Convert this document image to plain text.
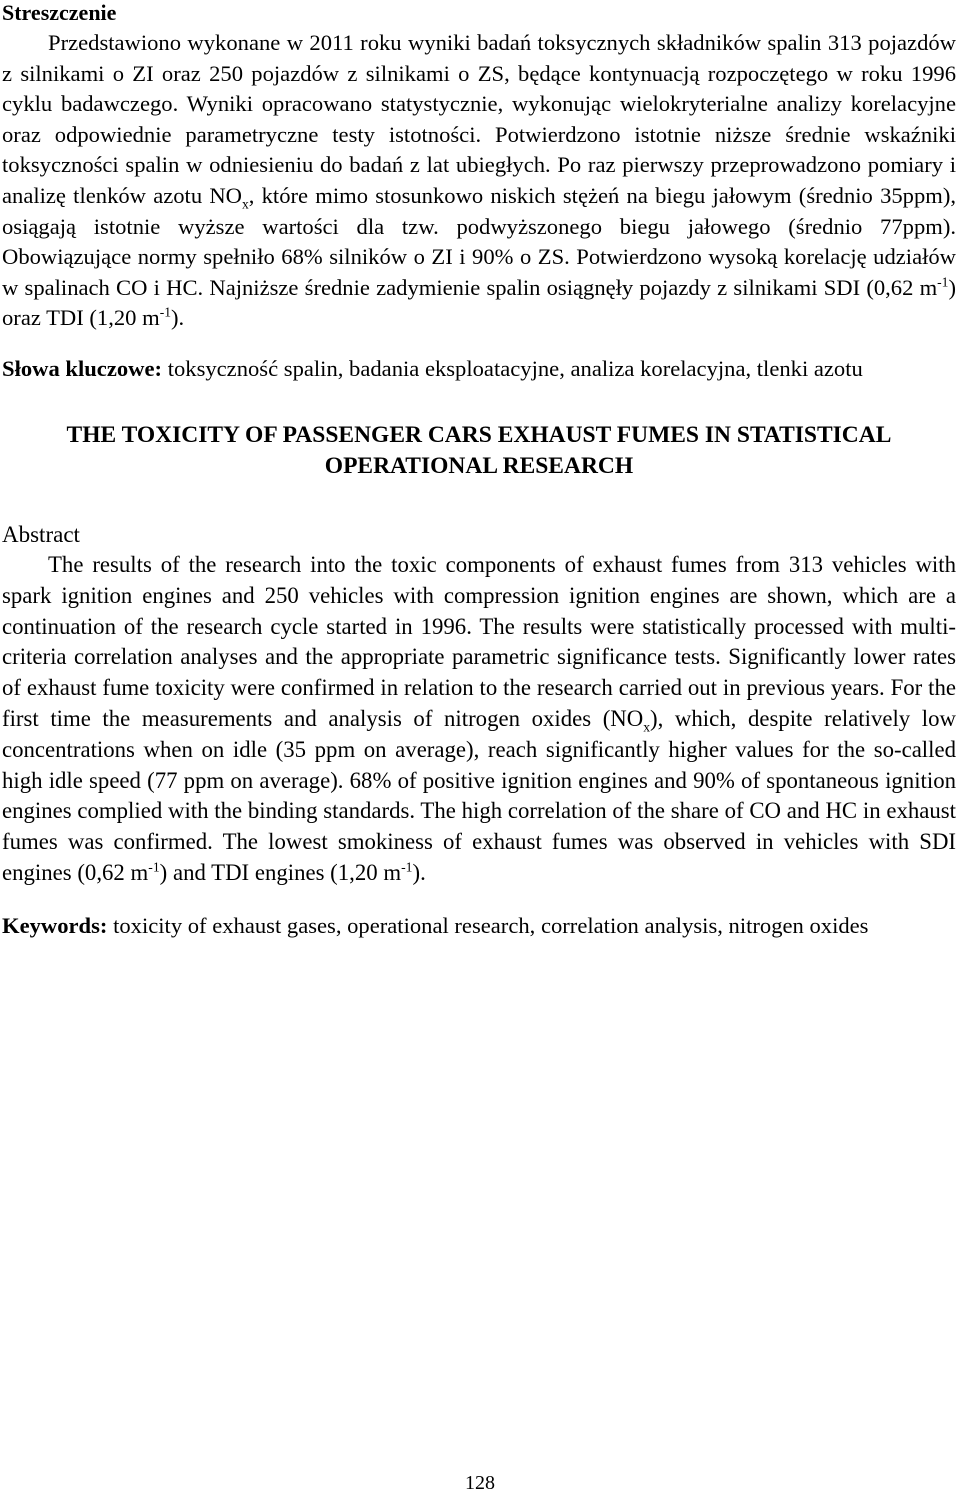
Streszczenie

Przedstawiono wykonane w 2011 roku wyniki badań toksycznych składników spalin 313 pojazdów z silnikami o ZI oraz 250 pojazdów z silnikami o ZS, będące kontynuacją rozpoczętego w roku 1996 cyklu badawczego. Wyniki opracowano statystycznie, wykonując wielokryterialne analizy korelacyjne oraz odpowiednie parametryczne testy istotności. Potwierdzono istotnie niższe średnie wskaźniki toksyczności spalin w odniesieniu do badań z lat ubiegłych. Po raz pierwszy przeprowadzono pomiary i analizę tlenków azotu $NO_x$, które mimo stosunkowo niskich stężeń na biegu jałowym (średnio 35ppm), osiągają istotnie wyższe wartości dla tzw. podwyższonego biegu jałowego (średnio 77ppm). Obowiązujące normy spełniło 68% silników o ZI i 90% o ZS. Potwierdzono wysoką korelację udziałów w spalinach CO i HC. Najniższe średnie zadymienie spalin osiągnęły pojazdy z silnikami SDI (0,62 $m^{-1}$) oraz TDI (1,20 $m^{-1}$).

Słowa kluczowe: toksyczność spalin, badania eksploatacyjne, analiza korelacyjna, tlenki azotu

THE TOXICITY OF PASSENGER CARS EXHAUST FUMES IN STATISTICAL OPERATIONAL RESEARCH
Abstract

The results of the research into the toxic components of exhaust fumes from 313 vehicles with spark ignition engines and 250 vehicles with compression ignition engines are shown, which are a continuation of the research cycle started in 1996. The results were statistically processed with multi-criteria correlation analyses and the appropriate parametric significance tests. Significantly lower rates of exhaust fume toxicity were confirmed in relation to the research carried out in previous years. For the first time the measurements and analysis of nitrogen oxides $(NO_x)$, which, despite relatively low concentrations when on idle (35 ppm on average), reach significantly higher values for the so-called high idle speed (77 ppm on average). 68% of positive ignition engines and 90% of spontaneous ignition engines complied with the binding standards. The high correlation of the share of CO and HC in exhaust fumes was confirmed. The lowest smokiness of exhaust fumes was observed in vehicles with SDI engines (0,62 $m^{-1}$) and TDI engines (1,20 $m^{-1}$).

Keywords: toxicity of exhaust gases, operational research, correlation analysis, nitrogen oxides

128
